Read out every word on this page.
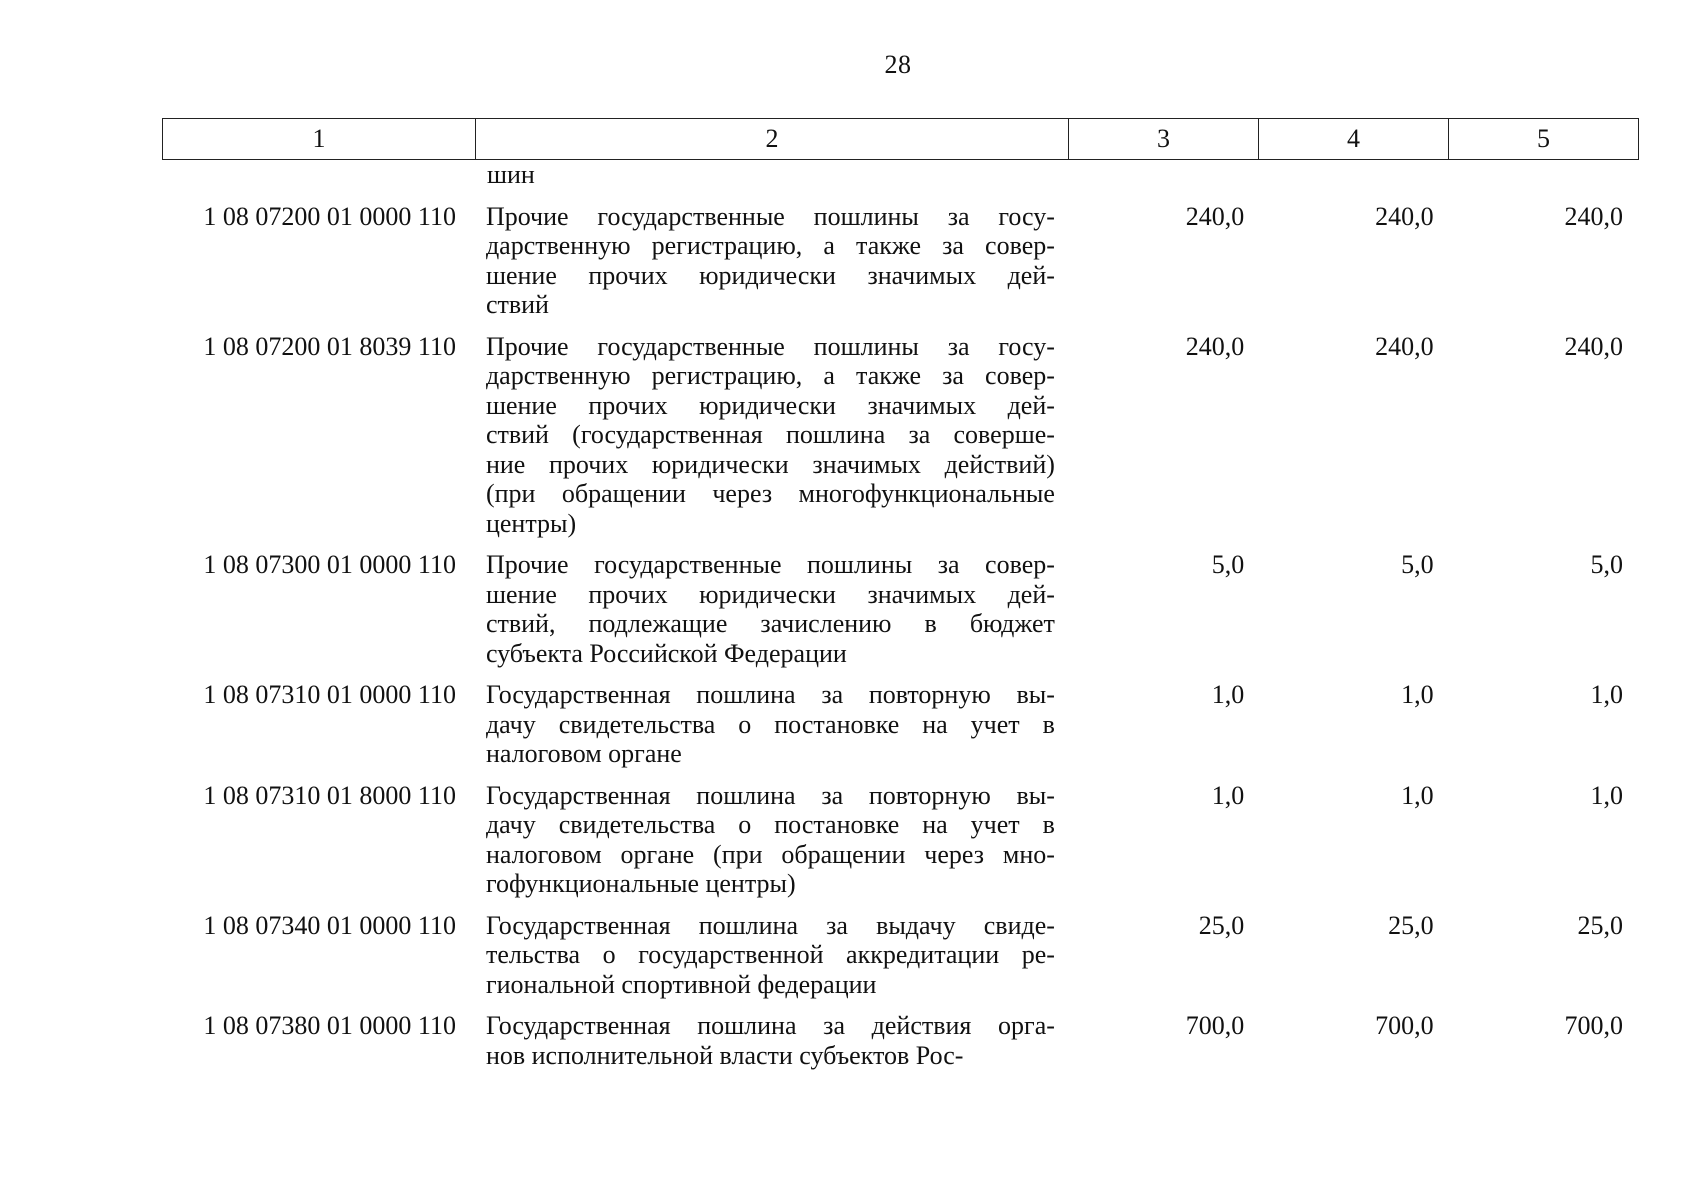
28
1	2	3	4	5
шин
1 08 07200 01 0000 110	Прочие государственные пошлины за госу-
дарственную регистрацию, а также за совер-
шение прочих юридически значимых дей-
ствий
240,0	240,0	240,0
1 08 07200 01 8039 110	Прочие государственные пошлины за госу-
дарственную регистрацию, а также за совер-
шение прочих юридически значимых дей-
ствий (государственная пошлина за соверше-
ние прочих юридически значимых действий)
(при обращении через многофункциональные
центры)
240,0	240,0	240,0
1 08 07300 01 0000 110	Прочие государственные пошлины за совер-
шение прочих юридически значимых дей-
ствий, подлежащие зачислению в бюджет
субъекта Российской Федерации
5,0	5,0	5,0
1 08 07310 01 0000 110	Государственная пошлина за повторную вы-
дачу свидетельства о постановке на учет в
налоговом органе
1,0	1,0	1,0
1 08 07310 01 8000 110	Государственная пошлина за повторную вы-
дачу свидетельства о постановке на учет в
налоговом органе (при обращении через мно-
гофункциональные центры)
1,0	1,0	1,0
1 08 07340 01 0000 110	Государственная пошлина за выдачу свиде-
тельства о государственной аккредитации ре-
гиональной спортивной федерации
25,0	25,0	25,0
1 08 07380 01 0000 110	Государственная пошлина за действия орга-
нов исполнительной власти субъектов Рос-
700,0	700,0	700,0
